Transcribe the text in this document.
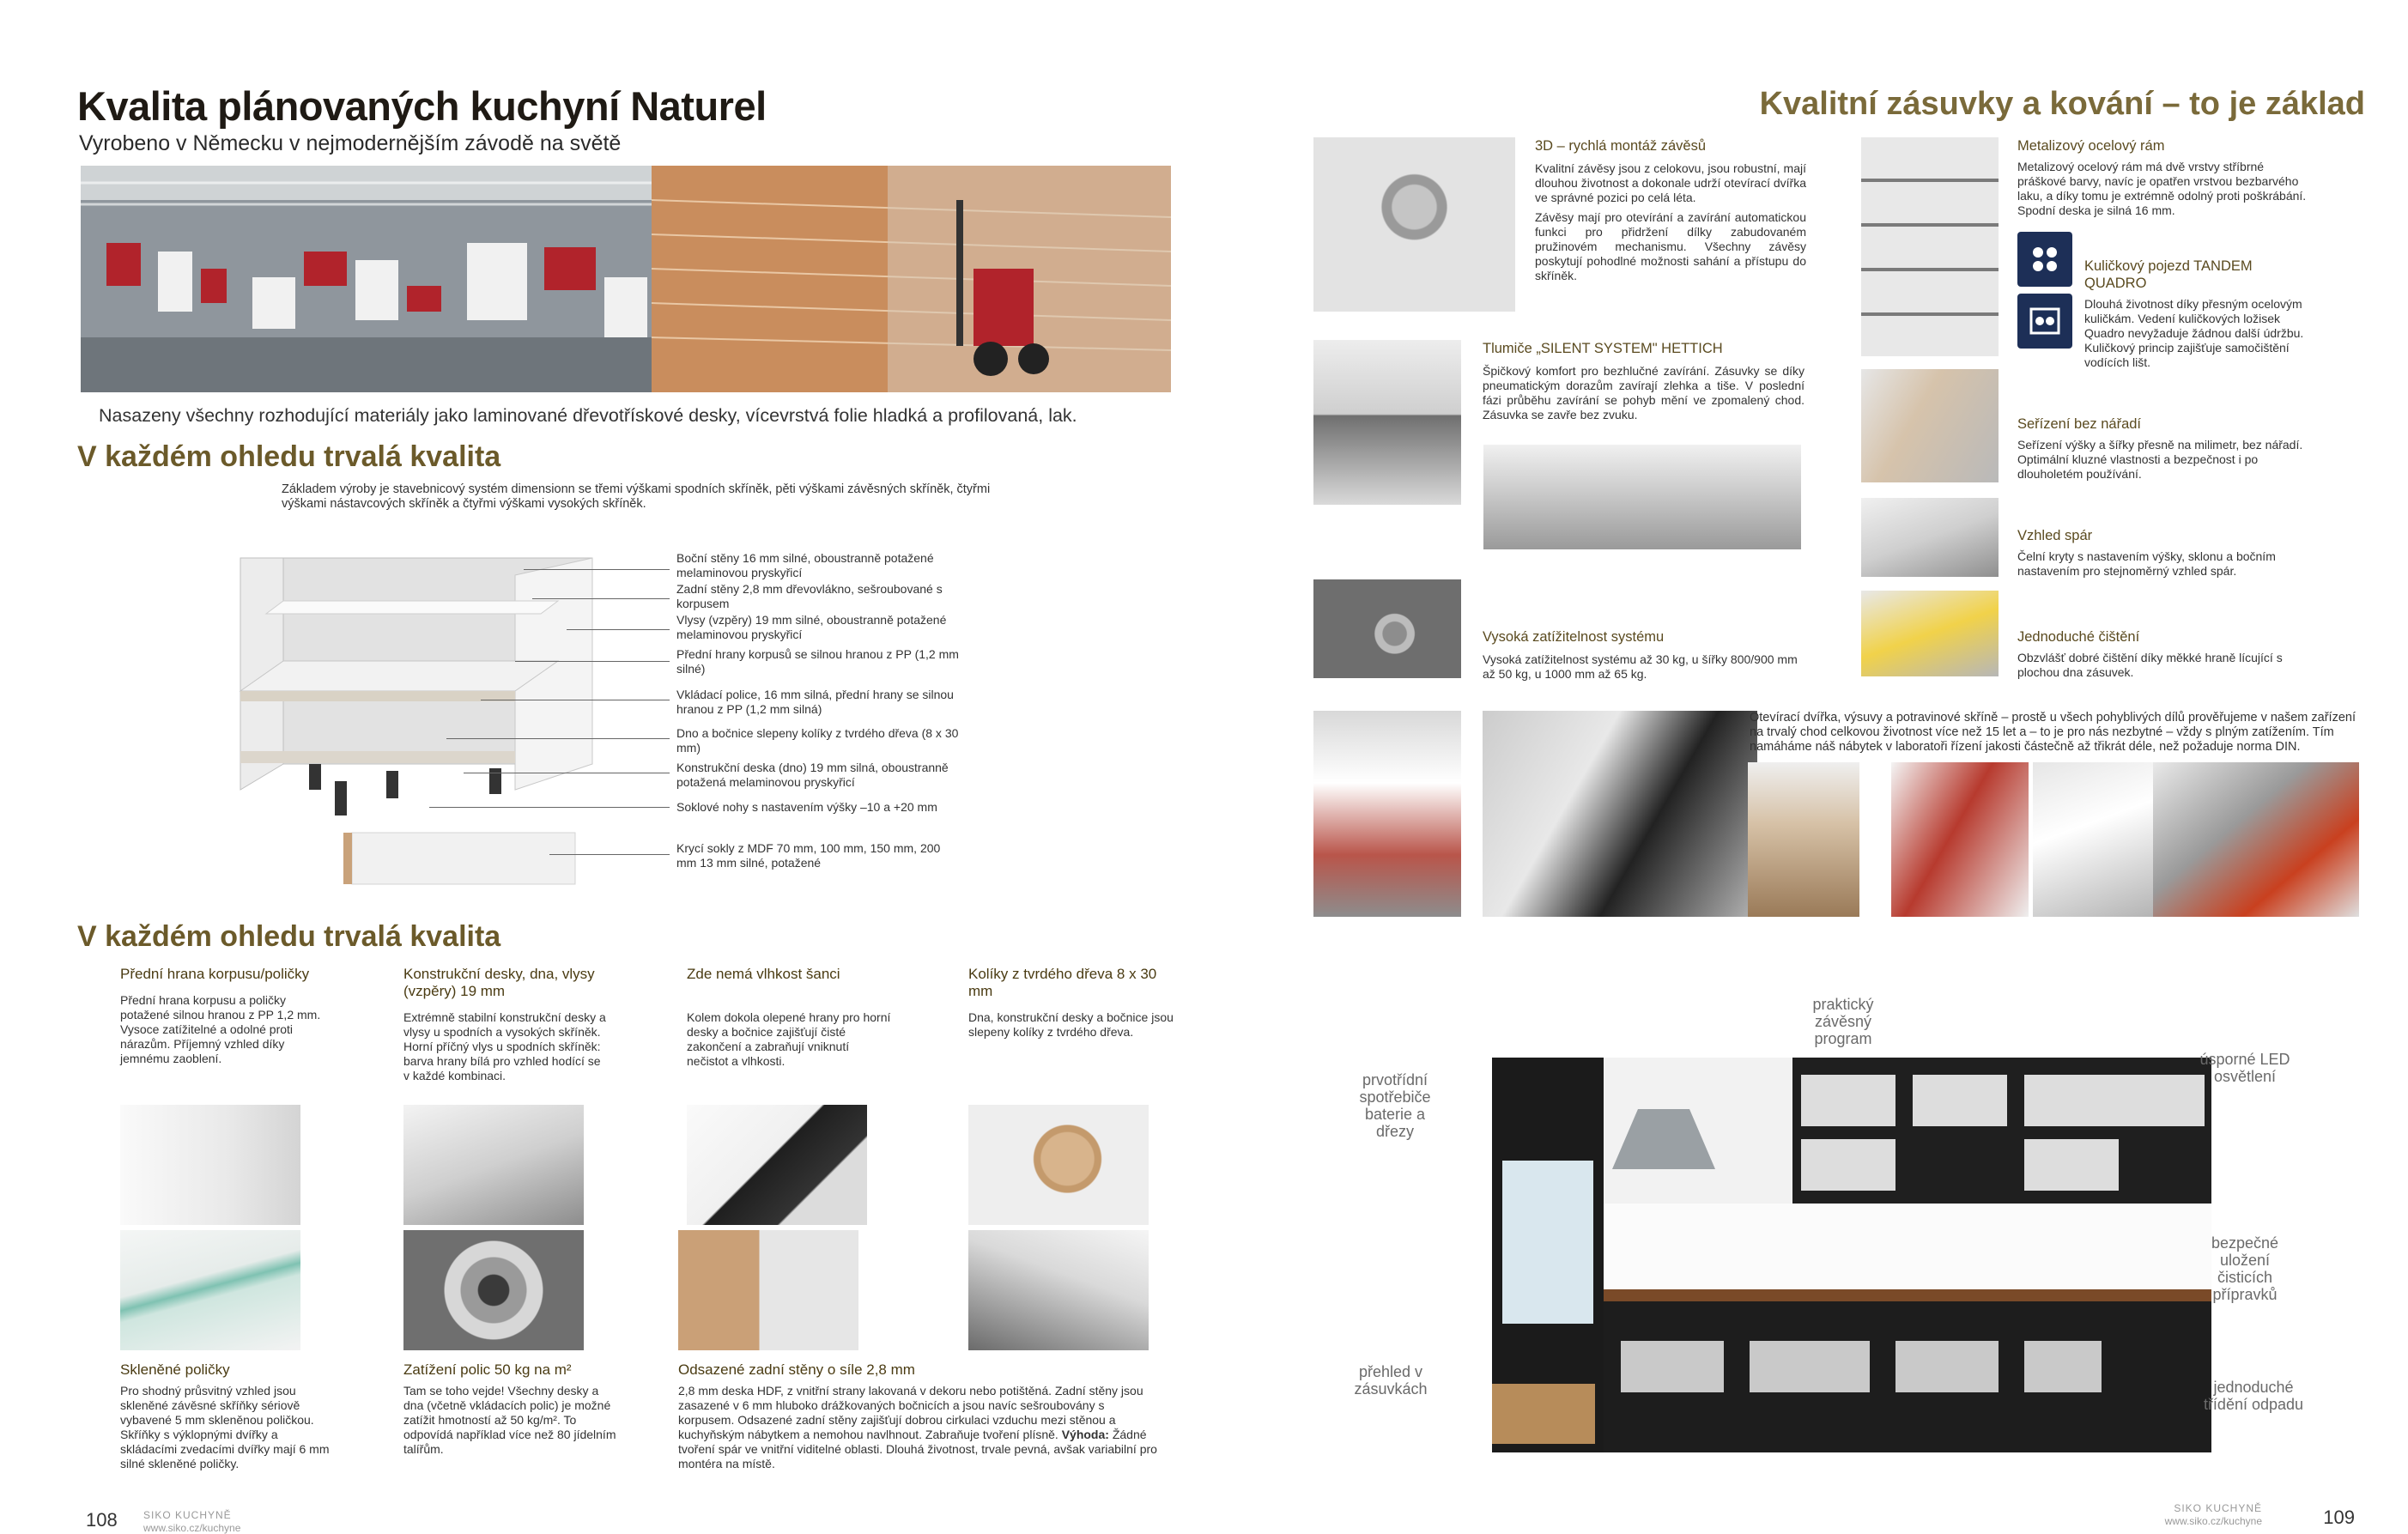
Kvalita plánovaných kuchyní Naturel
Vyrobeno v Německu v nejmodernějším závodě na světě
Nasazeny všechny rozhodující materiály jako laminované dřevotřískové desky, vícevrstvá folie hladká a profilovaná, lak.
V každém ohledu trvalá kvalita
Základem výroby je stavebnicový systém dimensionn se třemi výškami spodních skříněk, pěti výškami závěsných skříněk, čtyřmi výškami nástavcových skříněk a čtyřmi výškami vysokých skříněk.
Boční stěny 16 mm silné, oboustranně potažené melaminovou pryskyřicí
Zadní stěny 2,8 mm dřevovláknо, sešroubované s korpusem
Vlysy (vzpěry) 19 mm silné, oboustranně potažené melaminovou pryskyřicí
Přední hrany korpusů se silnou hranou z PP (1,2 mm silné)
Vkládací police, 16 mm silná, přední hrany se silnou hranou z PP (1,2 mm silná)
Dno a bočnice slepeny kolíky z tvrdého dřeva (8 x 30 mm)
Konstrukční deska (dno) 19 mm silná, oboustranně potažená melaminovou pryskyřicí
Soklové nohy s nastavením výšky –10 a +20 mm
Krycí sokly z MDF 70 mm, 100 mm, 150 mm, 200 mm 13 mm silné, potažené
V každém ohledu trvalá kvalita
Přední hrana korpusu/poličky
Přední hrana korpusu a poličky potažené silnou hranou z PP 1,2 mm. Vysoce zatížitelné a odolné proti nárazům. Příjemný vzhled díky jemnému zaoblení.
Konstrukční desky, dna, vlysy (vzpěry) 19 mm
Extrémně stabilní konstrukční desky a vlysy u spodních a vysokých skříněk. Horní příčný vlys u spodních skříněk: barva hrany bílá pro vzhled hodící se v každé kombinaci.
Zde nemá vlhkost šanci
Kolem dokola olepené hrany pro horní desky a bočnice zajišťují čisté zakončení a zabraňují vniknutí nečistot a vlhkosti.
Kolíky z tvrdého dřeva 8 x 30 mm
Dna, konstrukční desky a bočnice jsou slepeny kolíky z tvrdého dřeva.
Skleněné poličky
Pro shodný průsvitný vzhled jsou skleněné závěsné skříňky sériově vybavené 5 mm skleněnou poličkou. Skříňky s výklopnými dvířky a skládacími zvedacími dvířky mají 6 mm silné skleněné poličky.
Zatížení polic 50 kg na m²
Tam se toho vejde! Všechny desky a dna (včetně vkládacích polic) je možné zatížit hmotností až 50 kg/m². To odpovídá například více než 80 jídelním talířům.
Odsazené zadní stěny o síle 2,8 mm
2,8 mm deska HDF, z vnitřní strany lakovaná v dekoru nebo potištěná. Zadní stěny jsou zasazené v 6 mm hluboko drážkovaných bočnicích a jsou navíc sešroubovány s korpusem. Odsazené zadní stěny zajišťují dobrou cirkulaci vzduchu mezi stěnou a kuchyňským nábytkem a nemohou navlhnout. Zabraňuje tvoření plísně. Výhoda: Žádné tvoření spár ve vnitřní viditelné oblasti. Dlouhá životnost, trvale pevná, avšak variabilní pro montéra na místě.
108	SIKO KUCHYNĚ
www.siko.cz/kuchyne
Kvalitní zásuvky a kování – to je základ
3D – rychlá montáž závěsů
Kvalitní závěsy jsou z celokovu, jsou robustní, mají dlouhou životnost a dokonale udrží otevírací dvířka ve správné pozici po celá léta.
Závěsy mají pro otevírání a zavírání automatickou funkci pro přidržení dílky zabudovaném pružinovém mechanismu. Všechny závěsy poskytují pohodlné možnosti sahání a přístupu do skříněk.
Tlumiče „SILENT SYSTEM" HETTICH
Špičkový komfort pro bezhlučné zavírání. Zásuvky se díky pneumatickým dorazům zavírají zlehka a tiše. V poslední fázi průběhu zavírání se pohyb mění ve zpomalený chod. Zásuvka se zavře bez zvuku.
Vysoká zatížitelnost systému
Vysoká zatížitelnost systému až 30 kg, u šířky 800/900 mm až 50 kg, u 1000 mm až 65 kg.
Metalizový ocelový rám
Metalizový ocelový rám má dvě vrstvy stříbrné práškové barvy, navíc je opatřen vrstvou bezbarvého laku, a díky tomu je extrémně odolný proti poškrábání. Spodní deska je silná 16 mm.
Kuličkový pojezd TANDEM QUADRO
Dlouhá životnost díky přesným ocelovým kuličkám. Vedení kuličkových ložisek Quadro nevyžaduje žádnou další údržbu. Kuličkový princip zajišťuje samočištění vodících lišt.
Seřízení bez nářadí
Seřízení výšky a šířky přesně na milimetr, bez nářadí. Optimální kluzné vlastnosti a bezpečnost i po dlouholetém používání.
Vzhled spár
Čelní kryty s nastavením výšky, sklonu a bočním nastavením pro stejnoměrný vzhled spár.
Jednoduché čištění
Obzvlášť dobré čištění díky měkké hraně lícující s plochou dna zásuvek.
Otevírací dvířka, výsuvy a potravinové skříně – prostě u všech pohyblivých dílů prověřujeme v našem zařízení na trvalý chod celkovou životnost více než 15 let a – to je pro nás nezbytné – vždy s plným zatížením. Tím namáháme náš nábytek v laboratoři řízení jakosti částečně až třikrát déle, než požaduje norma DIN.
praktický závěsný program
prvotřídní spotřebiče baterie a dřezy
úsporné LED osvětlení
bezpečné uložení čisticích přípravků
přehled v zásuvkách	jednoduché třídění odpadu
SIKO KUCHYNĚ
www.siko.cz/kuchyne	109
